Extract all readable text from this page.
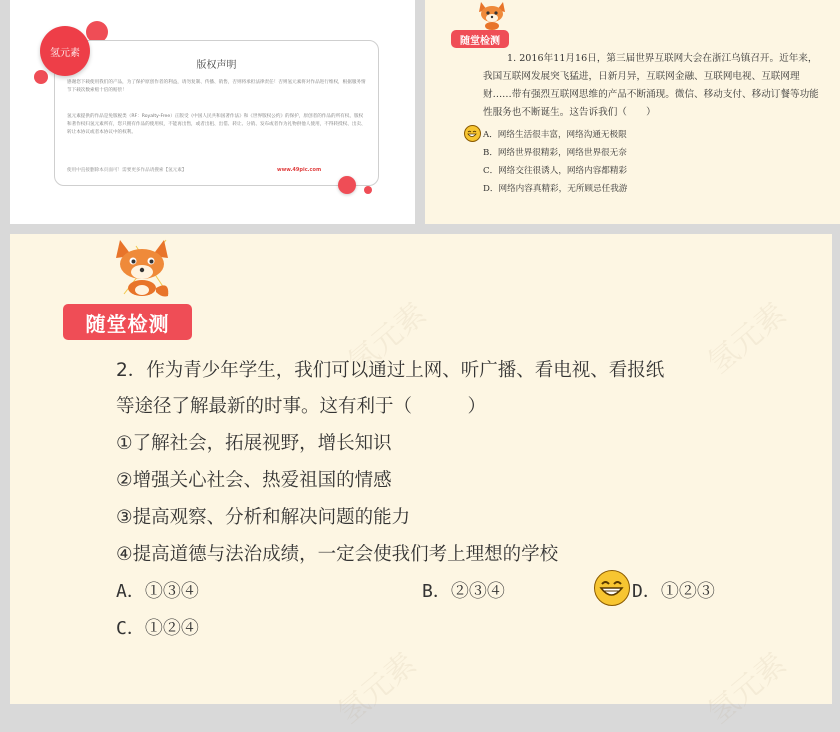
版权声明
感谢您下载使用我们的产品，为了保护原创作者的利益，请勿复制、传播、销售，否则将承担法律责任！否则氢元素将对作品进行维权，根据服务情节下载次数索赔十倍的赔偿！
氢元素提供的作品是免版税类（RF：Royalty-Free）正版受《中国人民共和国著作法》和《世界版权公约》的保护，原创者的作品的所有权、版权和著作权归氢元素所有，您只拥有作品的使用权，不能再出售，或者出租、出借、转让、分销、发布或者作为礼物供他人使用，不得转授权、出卖、转让本协议或者本协议中的权利。
使用中直接删除本页面可！需要更多作品请搜索【氢元素】	www.49pic.com
氢元素
随堂检测
1. 2016年11月16日，第三届世界互联网大会在浙江乌镇召开。近年来，我国互联网发展突飞猛进，日新月异，互联网金融、互联网电视、互联网理财……带有强烈互联网思维的产品不断涌现。微信、移动支付、移动订餐等功能性服务也不断诞生。这告诉我们（　　）
A．网络生活很丰富，网络沟通无极限
B．网络世界很精彩，网络世界很无奈
C．网络交往很诱人，网络内容都精彩
D．网络内容真精彩，无所顾忌任我游
氢元素	氢元素
氢元素	氢元素
随堂检测
2．作为青少年学生，我们可以通过上网、听广播、看电视、看报纸
等途径了解最新的时事。这有利于（　　　）
①了解社会，拓展视野，增长知识
②增强关心社会、热爱祖国的情感
③提高观察、分析和解决问题的能力
④提高道德与法治成绩，一定会使我们考上理想的学校
A．①③④	B．②③④	D．①②③
C．①②④
